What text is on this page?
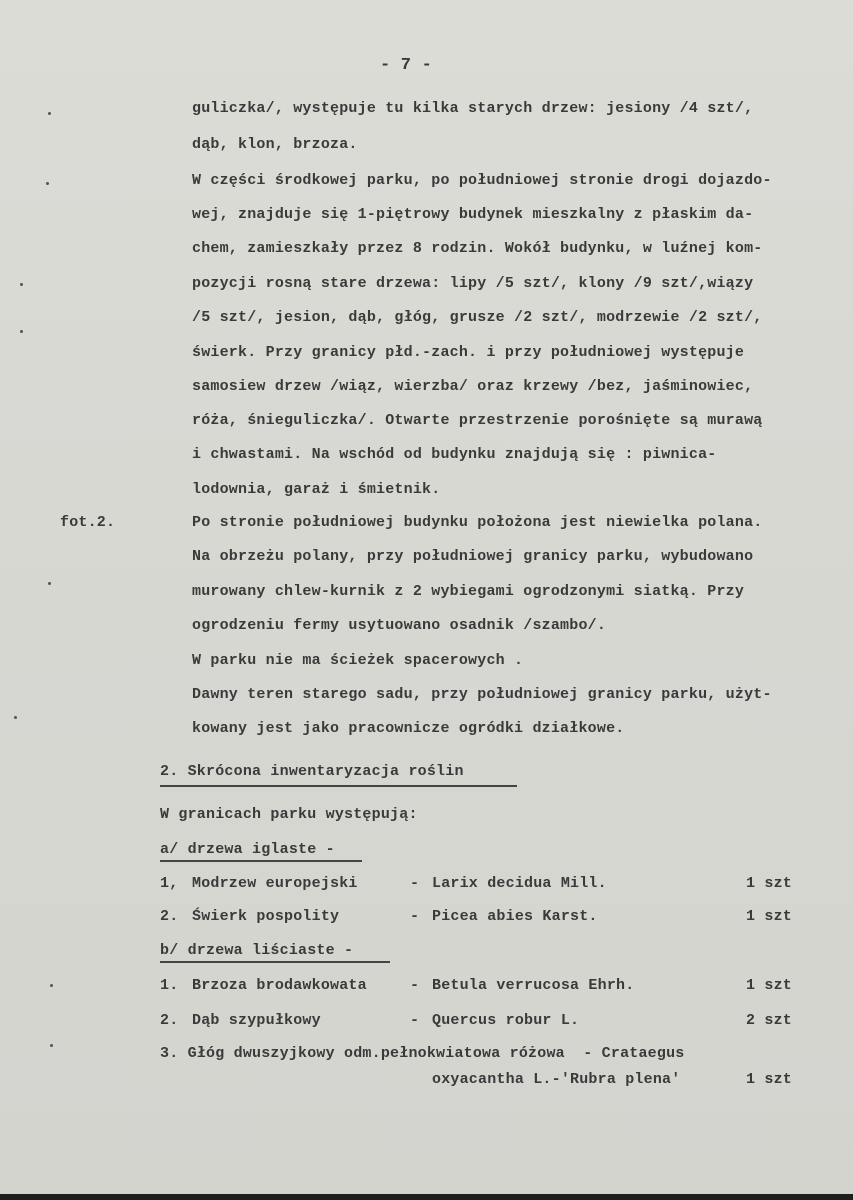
- 7 -
fot.2.
guliczka/, występuje tu kilka starych drzew: jesiony /4 szt/,
dąb, klon, brzoza.
W części środkowej parku, po południowej stronie drogi dojazdo-
wej, znajduje się 1-piętrowy budynek mieszkalny z płaskim da-
chem, zamieszkały przez 8 rodzin. Wokół budynku, w luźnej kom-
pozycji rosną stare drzewa: lipy /5 szt/, klony /9 szt/,wiązy
/5 szt/, jesion, dąb, głóg, grusze /2 szt/, modrzewie /2 szt/,
świerk. Przy granicy płd.-zach. i przy południowej występuje
samosiew drzew /wiąz, wierzba/ oraz krzewy /bez, jaśminowiec,
róża, śnieguliczka/. Otwarte przestrzenie porośnięte są murawą
i chwastami. Na wschód od budynku znajdują się : piwnica-
lodownia, garaż i śmietnik.
Po stronie południowej budynku położona jest niewielka polana.
Na obrzeżu polany, przy południowej granicy parku, wybudowano
murowany chlew-kurnik z 2 wybiegami ogrodzonymi siatką. Przy
ogrodzeniu fermy usytuowano osadnik /szambo/.
W parku nie ma ścieżek spacerowych .
Dawny teren starego sadu, przy południowej granicy parku, użyt-
kowany jest jako pracownicze ogródki działkowe.
2. Skrócona inwentaryzacja roślin
W granicach parku występują:
a/ drzewa iglaste -
1, Modrzew europejski	- Larix decidua Mill.	1 szt
2. Świerk pospolity	- Picea abies Karst.	1 szt
b/ drzewa liściaste -
1. Brzoza brodawkowata	- Betula verrucosa Ehrh.	1 szt
2. Dąb szypułkowy	- Quercus robur L.	2 szt
3. Głóg dwuszyjkowy odm.pełnokwiatowa różowa  - Crataegus
oxyacantha L.-'Rubra plena'	1 szt
